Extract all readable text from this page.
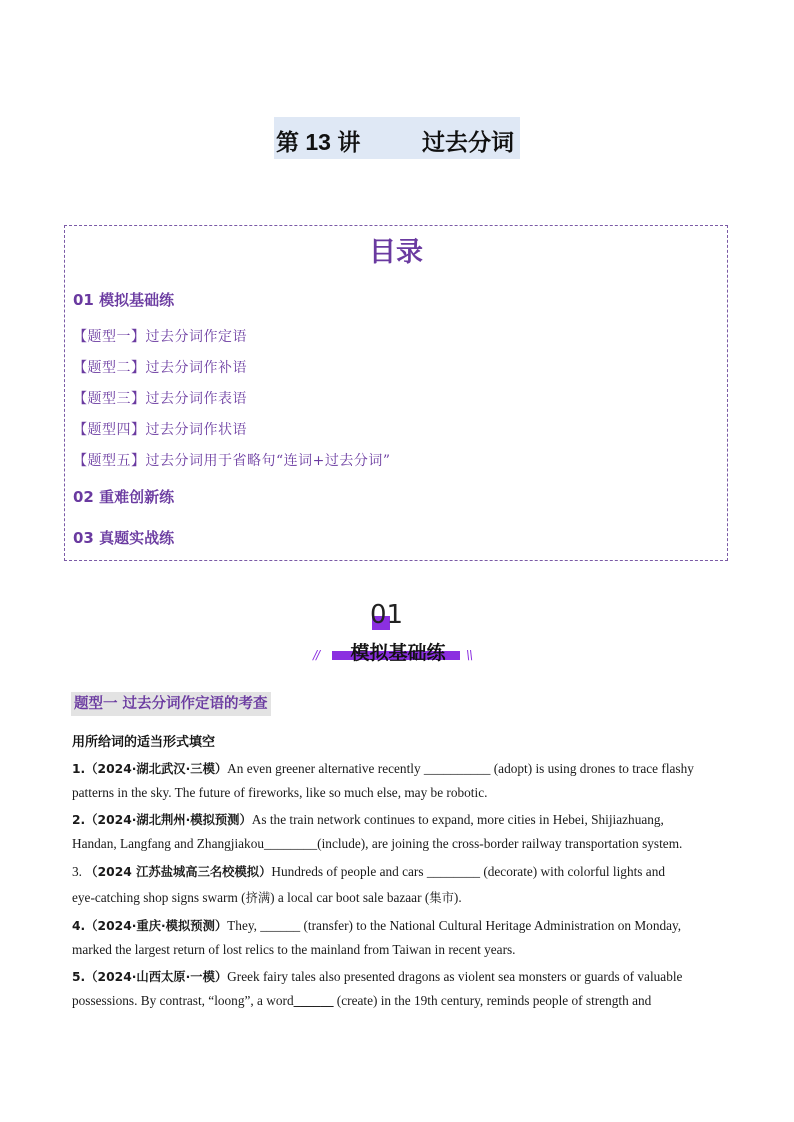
第 13 讲	过去分词
目录
01 模拟基础练
【题型一】过去分词作定语
【题型二】过去分词作补语
【题型三】过去分词作表语
【题型四】过去分词作状语
【题型五】过去分词用于省略句“连词+过去分词”
02 重难创新练
03 真题实战练
01
模拟基础练
//	\\
题型一 过去分词作定语的考查
用所给词的适当形式填空
1.（2024·湖北武汉·三模）An even greener alternative recently __________ (adopt) is using drones to trace flashy
patterns in the sky. The future of fireworks, like so much else, may be robotic.
2.（2024·湖北荆州·模拟预测）As the train network continues to expand, more cities in Hebei, Shijiazhuang,
Handan, Langfang and Zhangjiakou________(include), are joining the cross-border railway transportation system.
3. （2024 江苏盐城高三名校模拟）Hundreds of people and cars ________ (decorate) with colorful lights and
eye-catching shop signs swarm (挤满) a local car boot sale bazaar (集市).
4.（2024·重庆·模拟预测）They, ______ (transfer) to the National Cultural Heritage Administration on Monday,
marked the largest return of lost relics to the mainland from Taiwan in recent years.
5.（2024·山西太原·一模）Greek fairy tales also presented dragons as violent sea monsters or guards of valuable
possessions. By contrast, “loong”, a word______ (create) in the 19th century, reminds people of strength and
